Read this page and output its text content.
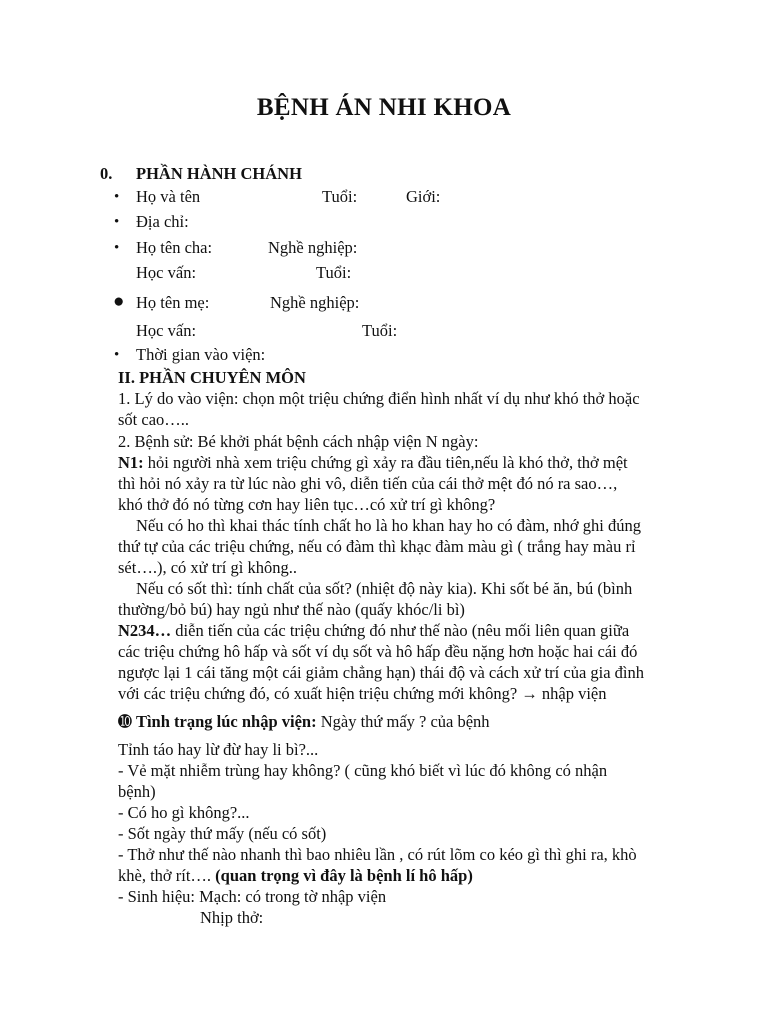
BỆNH ÁN NHI KHOA
0. PHẦN HÀNH CHÁNH
• Họ và tên	Tuổi:	Giới:
• Địa chỉ:
• Họ tên cha:	Nghề nghiệp:
Học vấn:	Tuổi:
● Họ tên mẹ:	Nghề nghiệp:
Học vấn:	Tuổi:
• Thời gian vào viện:
II. PHẦN CHUYÊN MÔN
1. Lý do vào viện: chọn một triệu chứng điển hình nhất ví dụ như khó thở hoặc
sốt cao…..
2. Bệnh sử: Bé khởi phát bệnh cách nhập viện N ngày:
N1: hỏi người nhà xem triệu chứng gì xảy ra đầu tiên,nếu là khó thở, thở mệt
thì hỏi nó xảy ra từ lúc nào ghi vô, diễn tiến của cái thở mệt đó nó ra sao…,
khó thở đó nó từng cơn hay liên tục…có xử trí gì không?
Nếu có ho thì khai thác tính chất ho là ho khan hay ho có đàm, nhớ ghi đúng
thứ tự của các triệu chứng, nếu có đàm thì khạc đàm màu gì ( trắng hay màu rỉ
sét….), có xử trí gì không..
Nếu có sốt thì: tính chất của sốt? (nhiệt độ này kia). Khi sốt bé ăn, bú (bình
thường/bỏ bú) hay ngủ như thế nào (quấy khóc/li bì)
N234… diễn tiến của các triệu chứng đó như thế nào (nêu mối liên quan giữa
các triệu chứng hô hấp và sốt ví dụ sốt và hô hấp đều nặng hơn hoặc hai cái đó
ngược lại 1 cái tăng một cái giảm chẳng hạn) thái độ và cách xử trí của gia đình
với các triệu chứng đó, có xuất hiện triệu chứng mới không? → nhập viện
➓ Tình trạng lúc nhập viện: Ngày thứ mấy ? của bệnh
Tỉnh táo hay lừ đừ hay li bì?...
- Vẻ mặt nhiễm trùng hay không? ( cũng khó biết vì lúc đó không có nhận
bệnh)
- Có ho gì không?...
- Sốt ngày thứ mấy (nếu có sốt)
- Thở như thế nào nhanh thì bao nhiêu lần , có rút lõm co kéo gì thì ghi ra, khò
khè, thở rít…. (quan trọng vì đây là bệnh lí hô hấp)
- Sinh hiệu: Mạch: có trong tờ nhập viện
Nhịp thở:
